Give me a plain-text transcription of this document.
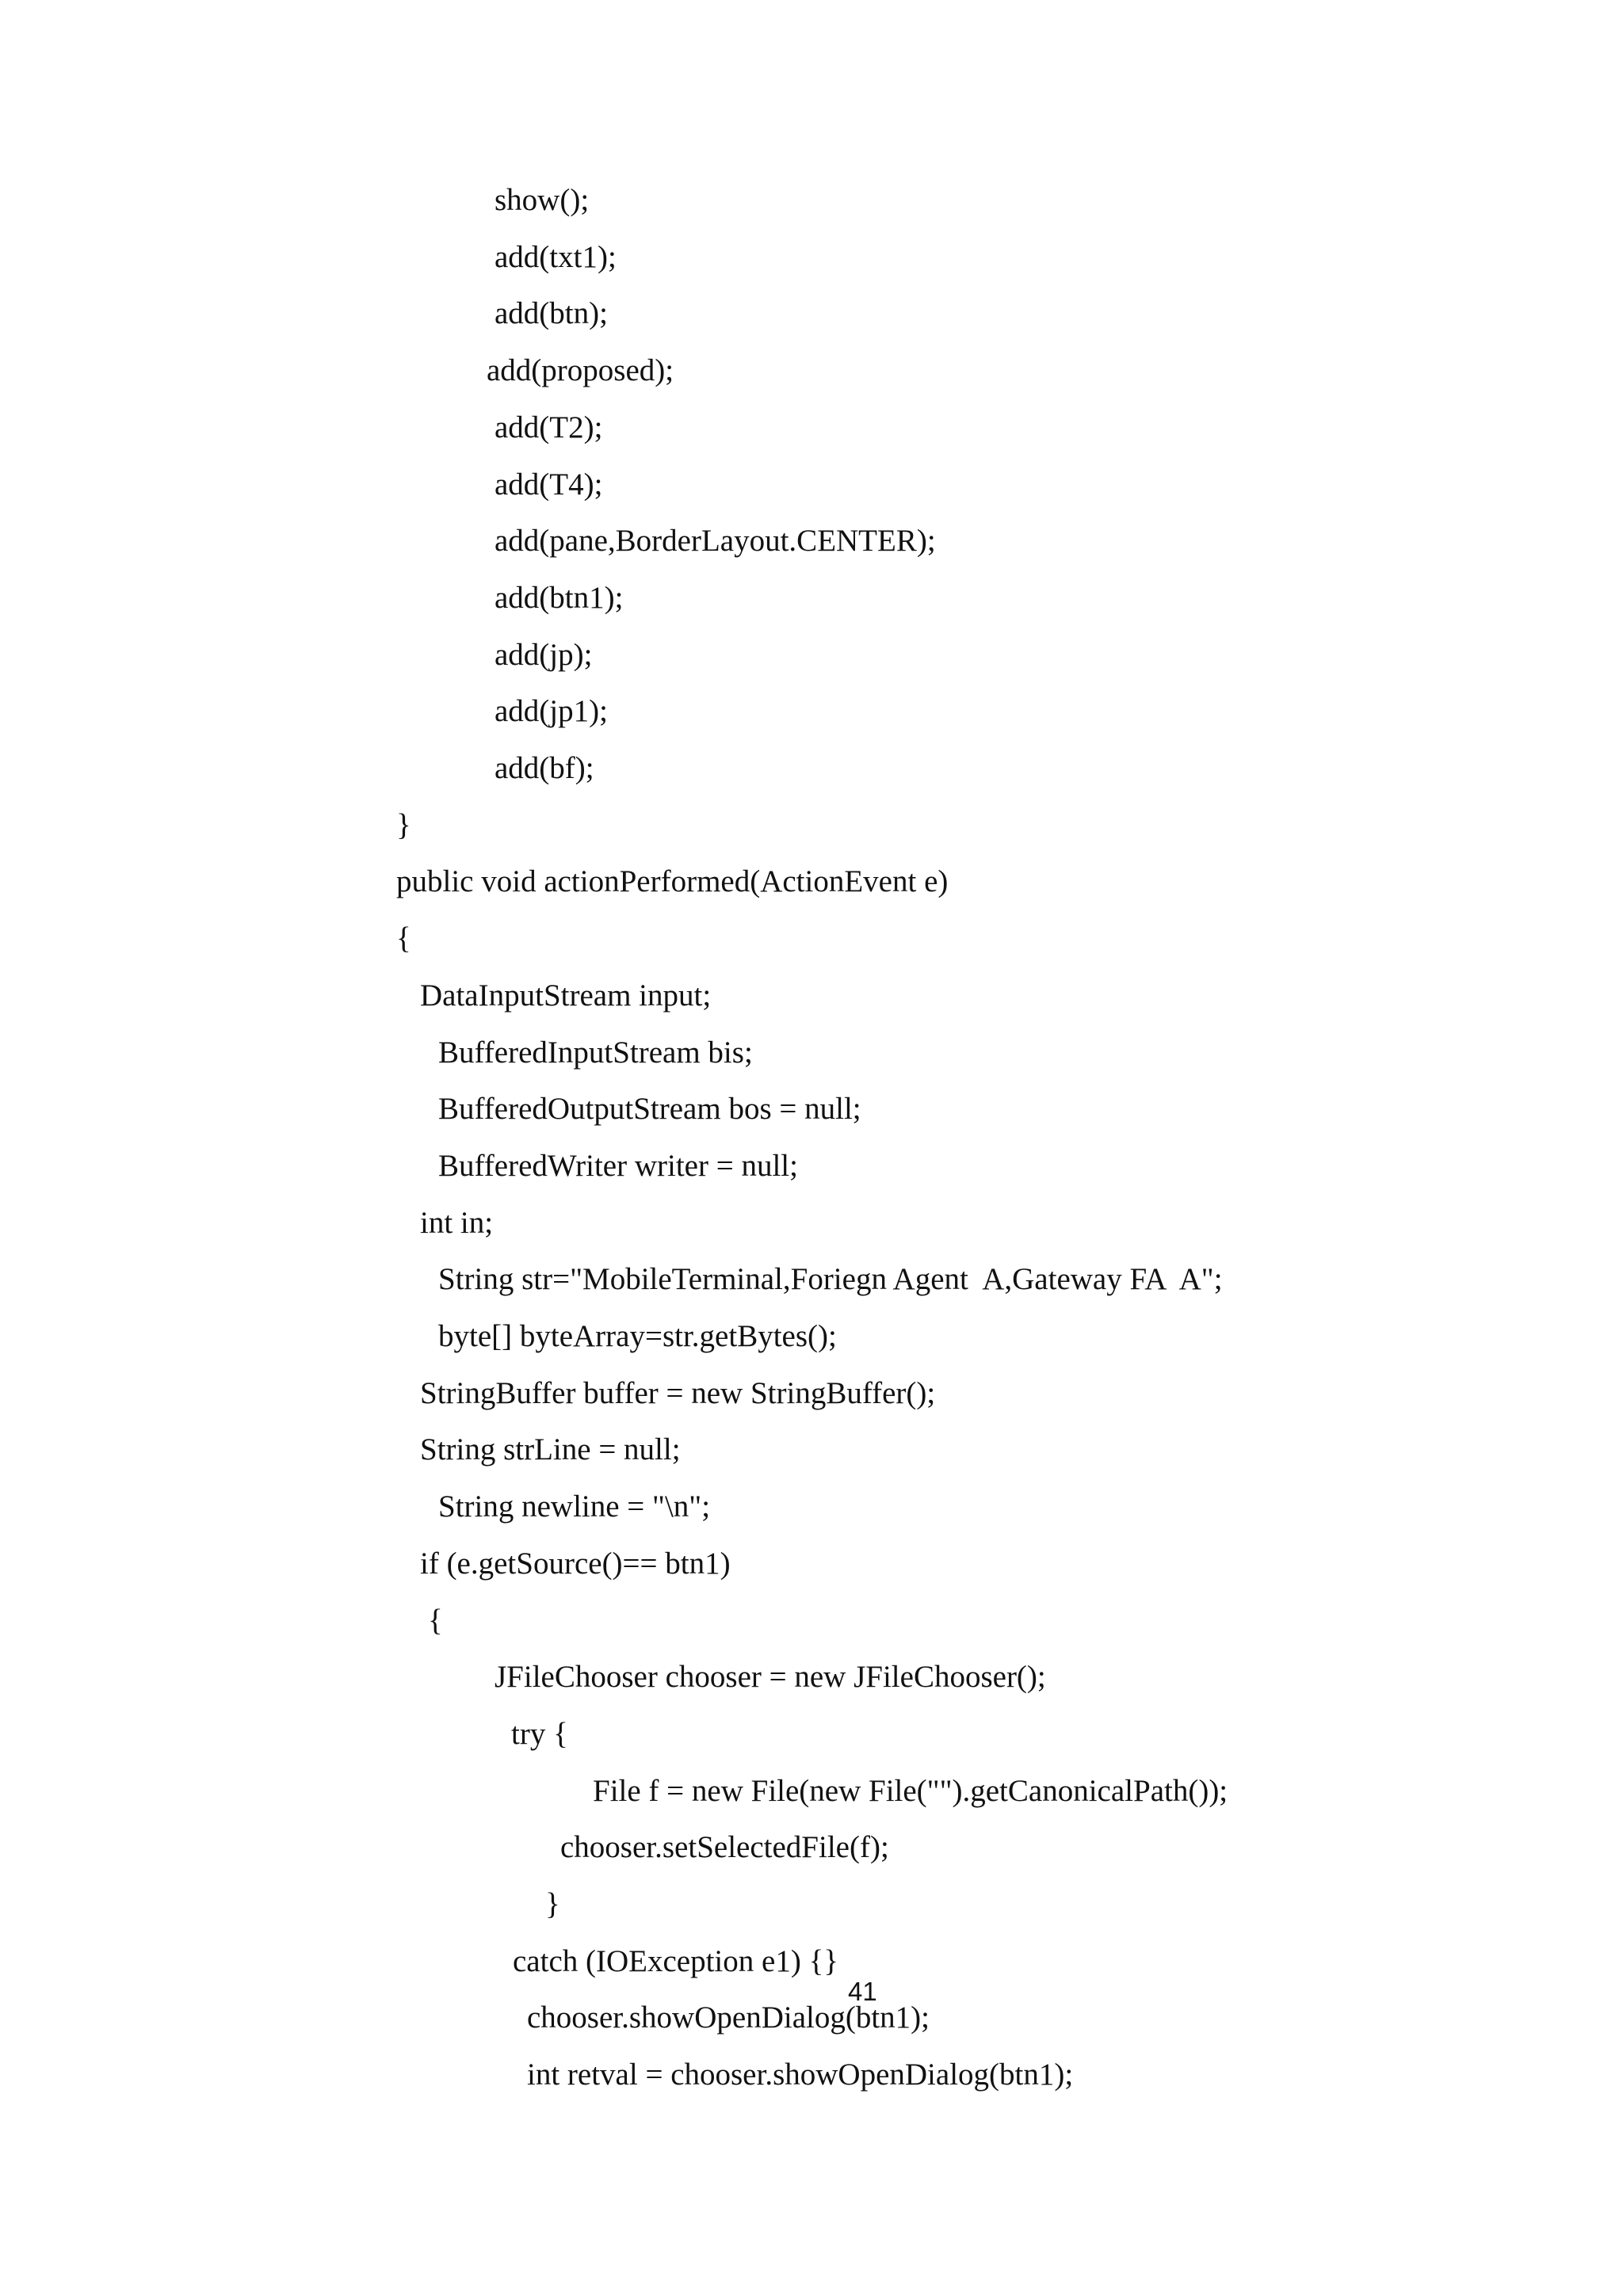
show();
add(txt1);
add(btn);
add(proposed);
add(T2);
add(T4);
add(pane,BorderLayout.CENTER);
add(btn1);
add(jp);
add(jp1);
add(bf);
}
public void actionPerformed(ActionEvent e)
{
DataInputStream input;
BufferedInputStream bis;
BufferedOutputStream bos = null;
BufferedWriter writer = null;
int in;
String str="MobileTerminal,Foriegn Agent  A,Gateway FA  A";
byte[] byteArray=str.getBytes();
StringBuffer buffer = new StringBuffer();
String strLine = null;
String newline = "\n";
if (e.getSource()== btn1)
{
JFileChooser chooser = new JFileChooser();
try {
File f = new File(new File("").getCanonicalPath());
chooser.setSelectedFile(f);
}
catch (IOException e1) {}
chooser.showOpenDialog(btn1);
int retval = chooser.showOpenDialog(btn1);
41
